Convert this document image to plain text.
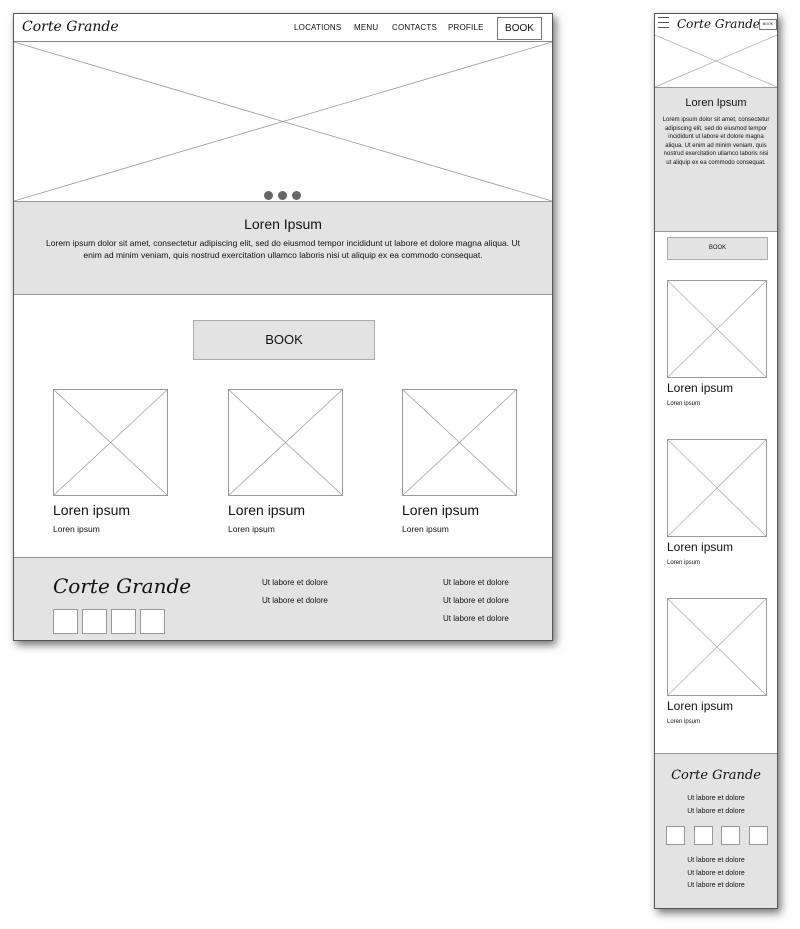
Corte Grande	LOCATIONS MENU CONTACTS PROFILE	BOOK
Loren Ipsum

Lorem ipsum dolor sit amet, consectetur adipiscing elit, sed do eiusmod tempor incididunt ut labore et dolore magna aliqua. Ut enim ad minim veniam, quis nostrud exercitation ullamco laboris nisi ut aliquip ex ea commodo consequat.

BOOK
Loren ipsum
Loren ipsum
Loren ipsum
Loren ipsum
Loren ipsum
Loren ipsum
Corte Grande	Ut labore et dolore
Ut labore et dolore
Ut labore et dolore
Ut labore et dolore
Ut labore et dolore
Corte Grande BOOK
Loren Ipsum

Lorem ipsum dolor sit amet, consectetur adipiscing elit, sed do eiusmod tempor incididunt ut labore et dolore magna aliqua. Ut enim ad minim veniam, quis nostrud exercitation ullamco laboris nisi ut aliquip ex ea commodo consequat.

BOOK
Loren ipsum
Loren ipsum
Loren ipsum
Loren ipsum
Loren ipsum
Loren ipsum
Corte Grande
Ut labore et dolore
Ut labore et dolore
Ut labore et dolore
Ut labore et dolore
Ut labore et dolore
